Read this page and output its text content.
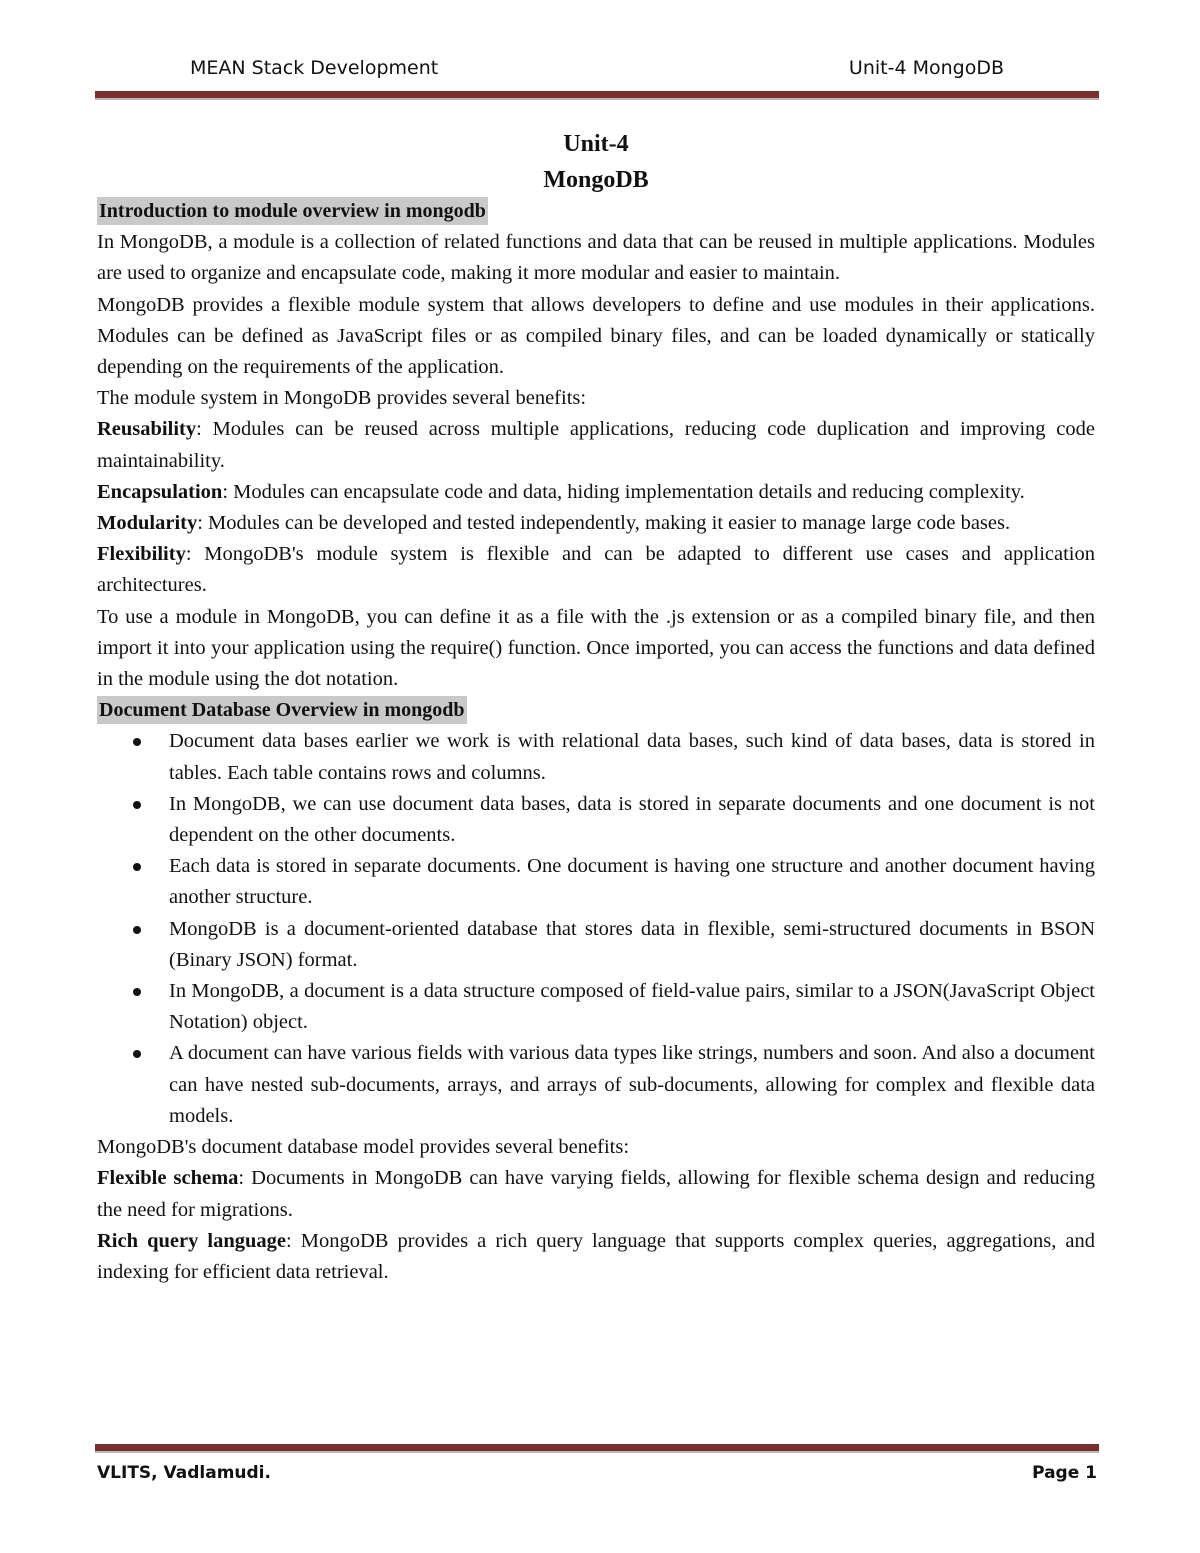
MEAN Stack Development	Unit-4 MongoDB
Unit-4
MongoDB
Introduction to module overview in mongodb

In MongoDB, a module is a collection of related functions and data that can be reused in multiple applications. Modules are used to organize and encapsulate code, making it more modular and easier to maintain.

MongoDB provides a flexible module system that allows developers to define and use modules in their applications. Modules can be defined as JavaScript files or as compiled binary files, and can be loaded dynamically or statically depending on the requirements of the application.

The module system in MongoDB provides several benefits:

Reusability: Modules can be reused across multiple applications, reducing code duplication and improving code maintainability.

Encapsulation: Modules can encapsulate code and data, hiding implementation details and reducing complexity.

Modularity: Modules can be developed and tested independently, making it easier to manage large code bases.

Flexibility: MongoDB's module system is flexible and can be adapted to different use cases and application architectures.

To use a module in MongoDB, you can define it as a file with the .js extension or as a compiled binary file, and then import it into your application using the require() function. Once imported, you can access the functions and data defined in the module using the dot notation.

Document Database Overview in mongodb
Document data bases earlier we work is with relational data bases, such kind of data bases, data is stored in tables. Each table contains rows and columns.
In MongoDB, we can use document data bases, data is stored in separate documents and one document is not dependent on the other documents.
Each data is stored in separate documents. One document is having one structure and another document having another structure.
MongoDB is a document-oriented database that stores data in flexible, semi-structured documents in BSON (Binary JSON) format.
In MongoDB, a document is a data structure composed of field-value pairs, similar to a JSON(JavaScript Object Notation) object.
A document can have various fields with various data types like strings, numbers and soon. And also a document can have nested sub-documents, arrays, and arrays of sub-documents, allowing for complex and flexible data models.

MongoDB's document database model provides several benefits:

Flexible schema: Documents in MongoDB can have varying fields, allowing for flexible schema design and reducing the need for migrations.

Rich query language: MongoDB provides a rich query language that supports complex queries, aggregations, and indexing for efficient data retrieval.

VLITS, Vadlamudi.	Page 1
